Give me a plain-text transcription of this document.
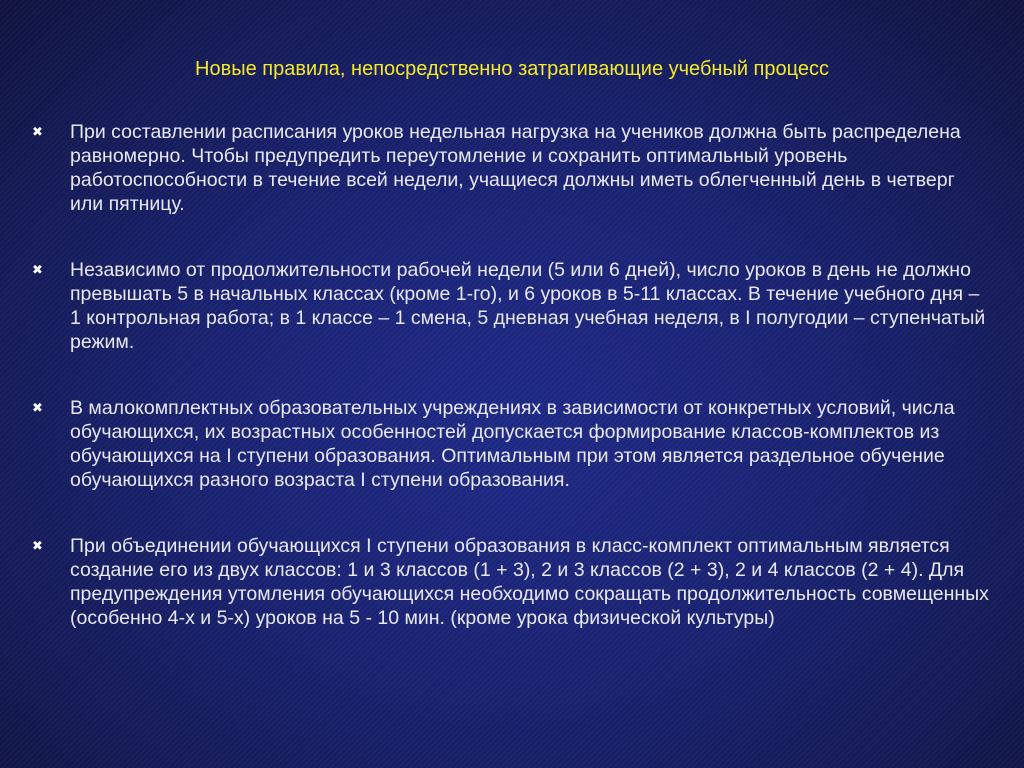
Новые правила, непосредственно затрагивающие учебный процесс
✖ При составлении расписания уроков недельная нагрузка на учеников должна быть распределена равномерно. Чтобы предупредить переутомление и сохранить оптимальный уровень работоспособности в течение всей недели, учащиеся должны иметь облегченный день в четверг или пятницу.
✖ Независимо от продолжительности рабочей недели (5 или 6 дней), число уроков в день не должно превышать 5 в начальных классах (кроме 1-го), и 6 уроков в 5-11 классах. В течение учебного дня – 1 контрольная работа; в 1 классе – 1 смена, 5 дневная учебная неделя, в I полугодии – ступенчатый режим.
✖ В малокомплектных образовательных учреждениях в зависимости от конкретных условий, числа обучающихся, их возрастных особенностей допускается формирование классов-комплектов из обучающихся на I ступени образования. Оптимальным при этом является раздельное обучение обучающихся разного возраста I ступени образования.
✖ При объединении обучающихся I ступени образования в класс-комплект оптимальным является создание его из двух классов: 1 и 3 классов (1 + 3), 2 и 3 классов (2 + 3), 2 и 4 классов (2 + 4). Для предупреждения утомления обучающихся необходимо сокращать продолжительность совмещенных (особенно 4-х и 5-х) уроков на 5 - 10 мин. (кроме урока физической культуры)
